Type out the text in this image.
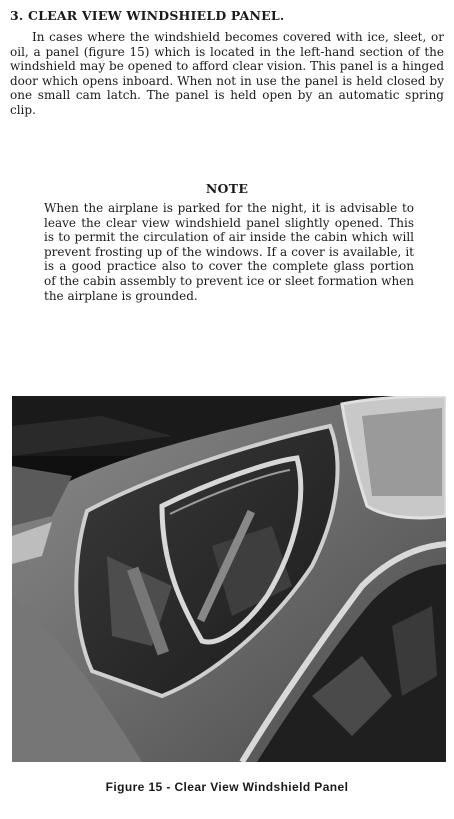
3. CLEAR VIEW WINDSHIELD PANEL.

In cases where the windshield becomes covered with ice, sleet, or oil, a panel (figure 15) which is located in the left-hand section of the windshield may be opened to afford clear vision. This panel is a hinged door which opens inboard. When not in use the panel is held closed by one small cam latch. The panel is held open by an automatic spring clip.

NOTE

When the airplane is parked for the night, it is advisable to leave the clear view windshield panel slightly opened. This is to permit the circulation of air inside the cabin which will prevent frosting up of the windows. If a cover is available, it is a good practice also to cover the complete glass portion of the cabin assembly to prevent ice or sleet formation when the airplane is grounded.

Figure 15 - Clear View Windshield Panel
